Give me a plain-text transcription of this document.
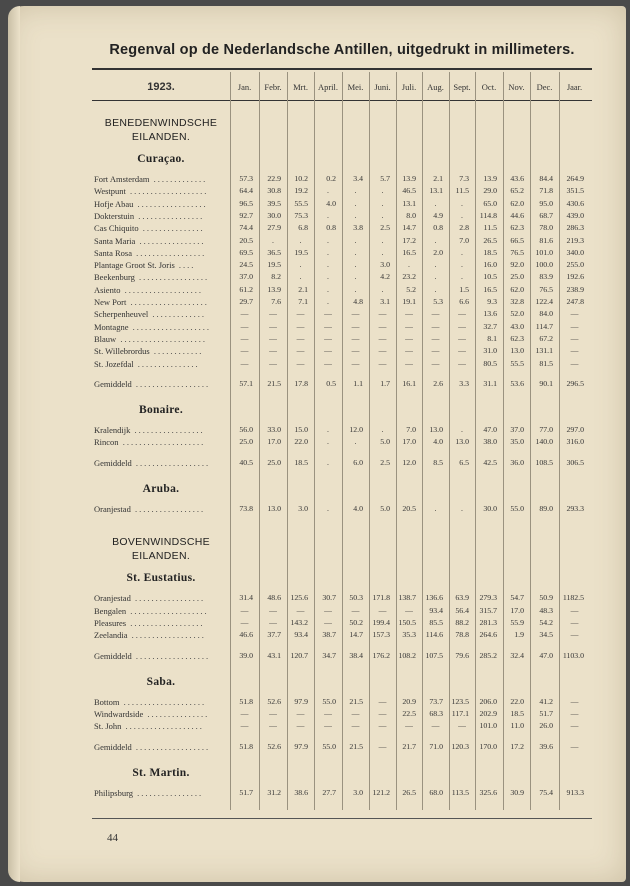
Regenval op de Nederlandsche Antillen, uitgedrukt in millimeters.
1923.
44
Jan.	Febr.	Mrt.	April.	Mei.	Juni.	Juli.	Aug.	Sept.	Oct.	Nov.	Dec.	Jaar.
BENEDENWINDSCHE EILANDEN.
Curaçao.
Fort Amsterdam .............	57.3	22.9	10.2	0.2	3.4	5.7	13.9	2.1	7.3	13.9	43.6	84.4	264.9
Westpunt ...................	64.4	30.8	19.2	.	.	.	46.5	13.1	11.5	29.0	65.2	71.8	351.5
Hofje Abau .................	96.5	39.5	55.5	4.0	.	.	13.1	.	.	65.0	62.0	95.0	430.6
Dokterstuin ................	92.7	30.0	75.3	.	.	.	8.0	4.9	.	114.8	44.6	68.7	439.0
Cas Chiquito ...............	74.4	27.9	6.8	0.8	3.8	2.5	14.7	0.8	2.8	11.5	62.3	78.0	286.3
Santa Maria ................	20.5	.	.	.	.	.	17.2	.	7.0	26.5	66.5	81.6	219.3
Santa Rosa .................	69.5	36.5	19.5	.	.	.	16.5	2.0	.	18.5	76.5	101.0	340.0
Plantage Groot St. Joris ....	24.5	19.5	.	.	.	3.0	.	.	.	16.0	92.0	100.0	255.0
Beekenburg .................	37.0	8.2	.	.	.	4.2	23.2	.	.	10.5	25.0	83.9	192.6
Asiento ...................	61.2	13.9	2.1	.	.	.	5.2	.	1.5	16.5	62.0	76.5	238.9
New Port ...................	29.7	7.6	7.1	.	4.8	3.1	19.1	5.3	6.6	9.3	32.8	122.4	247.8
Scherpenheuvel .............	—	—	—	—	—	—	—	—	—	13.6	52.0	84.0	—
Montagne ...................	—	—	—	—	—	—	—	—	—	32.7	43.0	114.7	—
Blauw .....................	—	—	—	—	—	—	—	—	—	8.1	62.3	67.2	—
St. Willebrordus ............	—	—	—	—	—	—	—	—	—	31.0	13.0	131.1	—
St. Jozefdal ...............	—	—	—	—	—	—	—	—	—	80.5	55.5	81.5	—
Gemiddeld ..................	57.1	21.5	17.8	0.5	1.1	1.7	16.1	2.6	3.3	31.1	53.6	90.1	296.5
Bonaire.
Kralendijk .................	56.0	33.0	15.0	.	12.0	.	7.0	13.0	.	47.0	37.0	77.0	297.0
Rincon ....................	25.0	17.0	22.0	.	.	5.0	17.0	4.0	13.0	38.0	35.0	140.0	316.0
Gemiddeld ..................	40.5	25.0	18.5	.	6.0	2.5	12.0	8.5	6.5	42.5	36.0	108.5	306.5
Aruba.
Oranjestad .................	73.8	13.0	3.0	.	4.0	5.0	20.5	.	.	30.0	55.0	89.0	293.3
BOVENWINDSCHE EILANDEN.
St. Eustatius.
Oranjestad .................	31.4	48.6	125.6	30.7	50.3	171.8	138.7	136.6	63.9	279.3	54.7	50.9	1182.5
Bengalen ...................	—	—	—	—	—	—	—	93.4	56.4	315.7	17.0	48.3	—
Pleasures ..................	—	—	143.2	—	50.2	199.4	150.5	85.5	88.2	281.3	55.9	54.2	—
Zeelandia ..................	46.6	37.7	93.4	38.7	14.7	157.3	35.3	114.6	78.8	264.6	1.9	34.5	—
Gemiddeld ..................	39.0	43.1	120.7	34.7	38.4	176.2	108.2	107.5	79.6	285.2	32.4	47.0	1103.0
Saba.
Bottom ....................	51.8	52.6	97.9	55.0	21.5	—	20.9	73.7	123.5	206.0	22.0	41.2	—
Windwardside ...............	—	—	—	—	—	—	22.5	68.3	117.1	202.9	18.5	51.7	—
St. John ...................	—	—	—	—	—	—	—	—	—	101.0	11.0	26.0	—
Gemiddeld ..................	51.8	52.6	97.9	55.0	21.5	—	21.7	71.0	120.3	170.0	17.2	39.6	—
St. Martin.
Philipsburg ................	51.7	31.2	38.6	27.7	3.0	121.2	26.5	68.0	113.5	325.6	30.9	75.4	913.3
